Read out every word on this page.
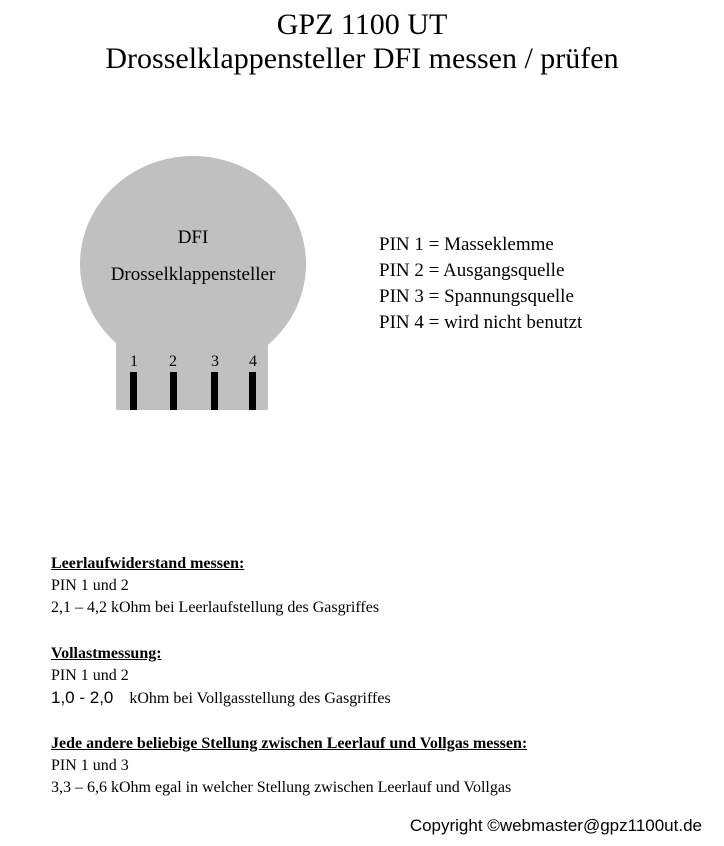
GPZ 1100 UT
Drosselklappensteller DFI messen / prüfen
DFI
Drosselklappensteller
1	2	3	4
PIN 1 = Masseklemme
PIN 2 = Ausgangsquelle
PIN 3 = Spannungsquelle
PIN 4 = wird nicht benutzt
Leerlaufwiderstand messen:
PIN 1 und 2
2,1 – 4,2 kOhm bei Leerlaufstellung des Gasgriffes
Vollastmessung:
PIN 1 und 2
1,0 - 2,0 kOhm bei Vollgasstellung des Gasgriffes
Jede andere beliebige Stellung zwischen Leerlauf und Vollgas messen:
PIN 1 und 3
3,3 – 6,6 kOhm egal in welcher Stellung zwischen Leerlauf und Vollgas
Copyright ©webmaster@gpz1100ut.de
